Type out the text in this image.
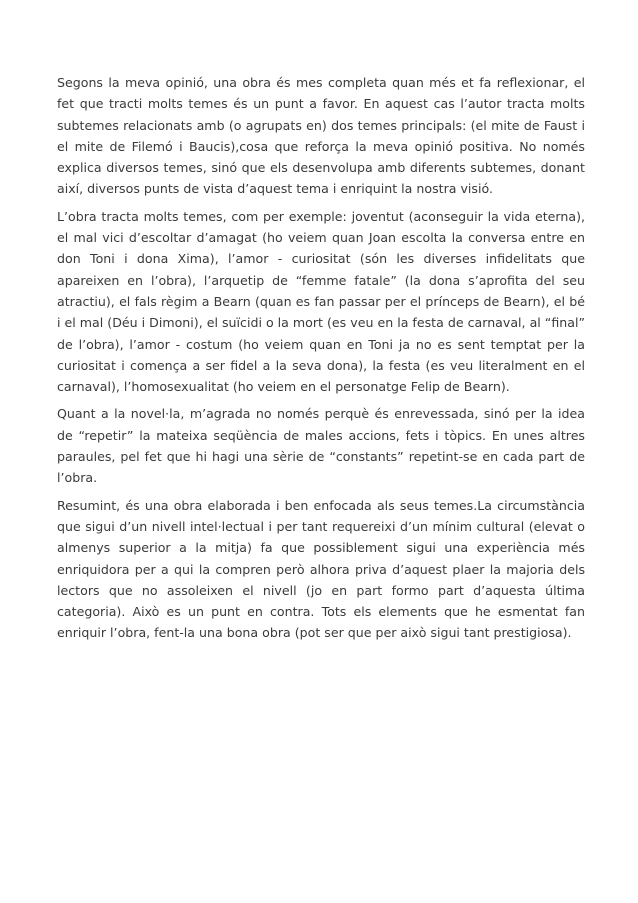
Segons la meva opinió, una obra és mes completa quan més et fa reflexionar, el fet que tracti molts temes és un punt a favor. En aquest cas l’autor tracta molts subtemes relacionats amb (o agrupats en) dos temes principals: (el mite de Faust i el mite de Filemó i Baucis),cosa que reforça la meva opinió positiva. No només explica diversos temes, sinó que els desenvolupa amb diferents subtemes, donant així, diversos punts de vista d’aquest tema i enriquint la nostra visió.

L’obra tracta molts temes, com per exemple: joventut (aconseguir la vida eterna), el mal vici d’escoltar d’amagat (ho veiem quan Joan escolta la conversa entre en don Toni i dona Xima), l’amor - curiositat (són les diverses infidelitats que apareixen en l’obra), l’arquetip de “femme fatale” (la dona s’aprofita del seu atractiu), el fals règim a Bearn (quan es fan passar per el prínceps de Bearn), el bé i el mal (Déu i Dimoni), el suïcidi o la mort (es veu en la festa de carnaval, al “final” de l’obra), l’amor - costum (ho veiem quan en Toni ja no es sent temptat per la curiositat i comença a ser fidel a la seva dona), la festa (es veu literalment en el carnaval), l’homosexualitat (ho veiem en el personatge Felip de Bearn).

Quant a la novel·la, m’agrada no només perquè és enrevessada, sinó per la idea de “repetir” la mateixa seqüència de males accions, fets i tòpics. En unes altres paraules, pel fet que hi hagi una sèrie de “constants” repetint-se en cada part de l’obra.

Resumint, és una obra elaborada i ben enfocada als seus temes.La circumstància que sigui d’un nivell intel·lectual i per tant requereixi d’un mínim cultural (elevat o almenys superior a la mitja) fa que possiblement sigui una experiència més enriquidora per a qui la compren però alhora priva d’aquest plaer la majoria dels lectors que no assoleixen el nivell (jo en part formo part d’aquesta última categoria). Això es un punt en contra. Tots els elements que he esmentat fan enriquir l’obra, fent-la una bona obra (pot ser que per això sigui tant prestigiosa).
